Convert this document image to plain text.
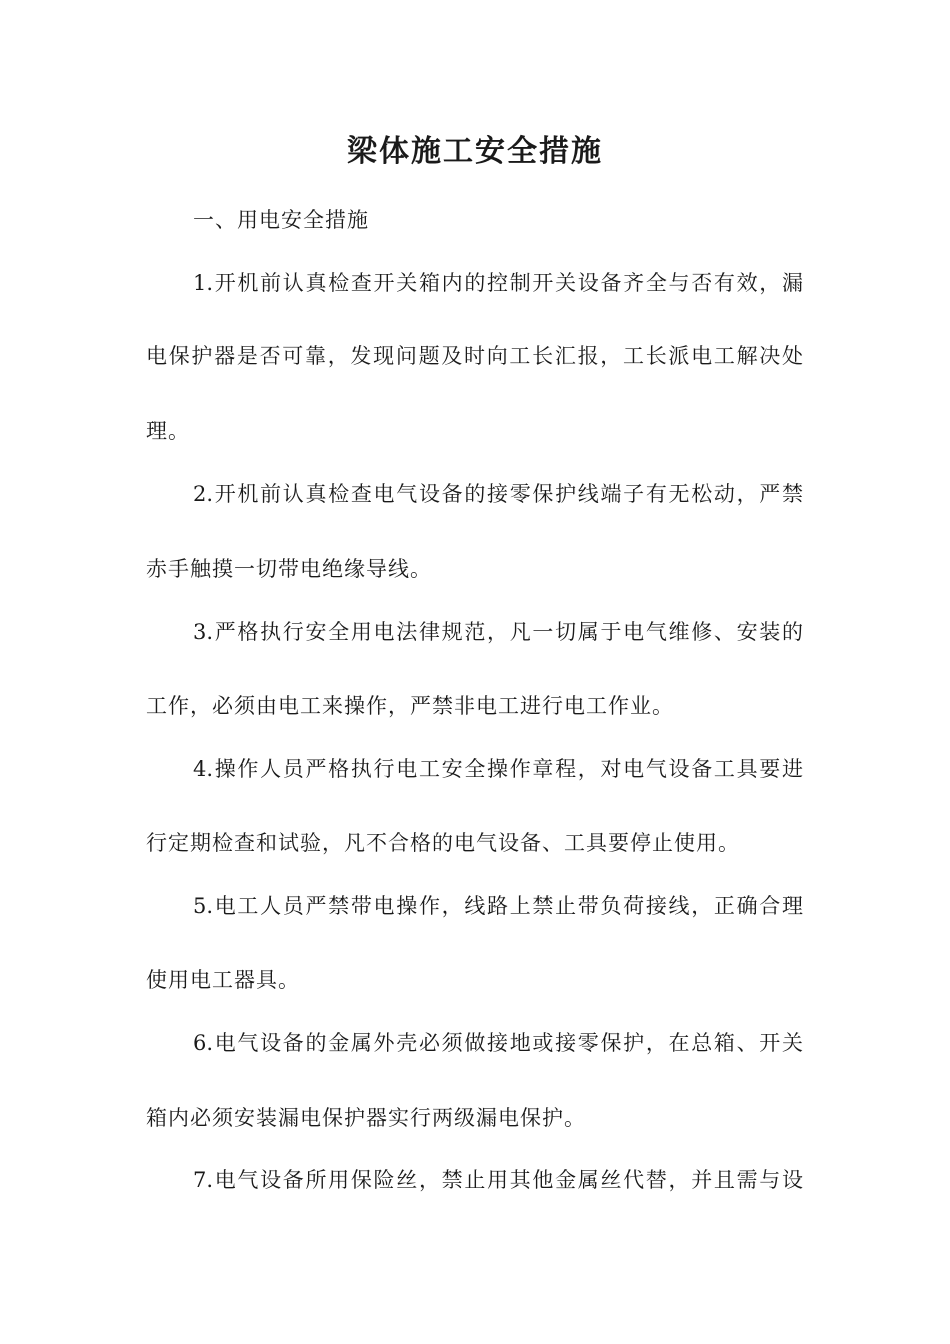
梁体施工安全措施
一、用电安全措施
1.开机前认真检查开关箱内的控制开关设备齐全与否有效，漏
电保护器是否可靠，发现问题及时向工长汇报，工长派电工解决处
理。
2.开机前认真检查电气设备的接零保护线端子有无松动，严禁
赤手触摸一切带电绝缘导线。
3.严格执行安全用电法律规范，凡一切属于电气维修、安装的
工作，必须由电工来操作，严禁非电工进行电工作业。
4.操作人员严格执行电工安全操作章程，对电气设备工具要进
行定期检查和试验，凡不合格的电气设备、工具要停止使用。
5.电工人员严禁带电操作，线路上禁止带负荷接线，正确合理
使用电工器具。
6.电气设备的金属外壳必须做接地或接零保护，在总箱、开关
箱内必须安装漏电保护器实行两级漏电保护。
7.电气设备所用保险丝，禁止用其他金属丝代替，并且需与设
